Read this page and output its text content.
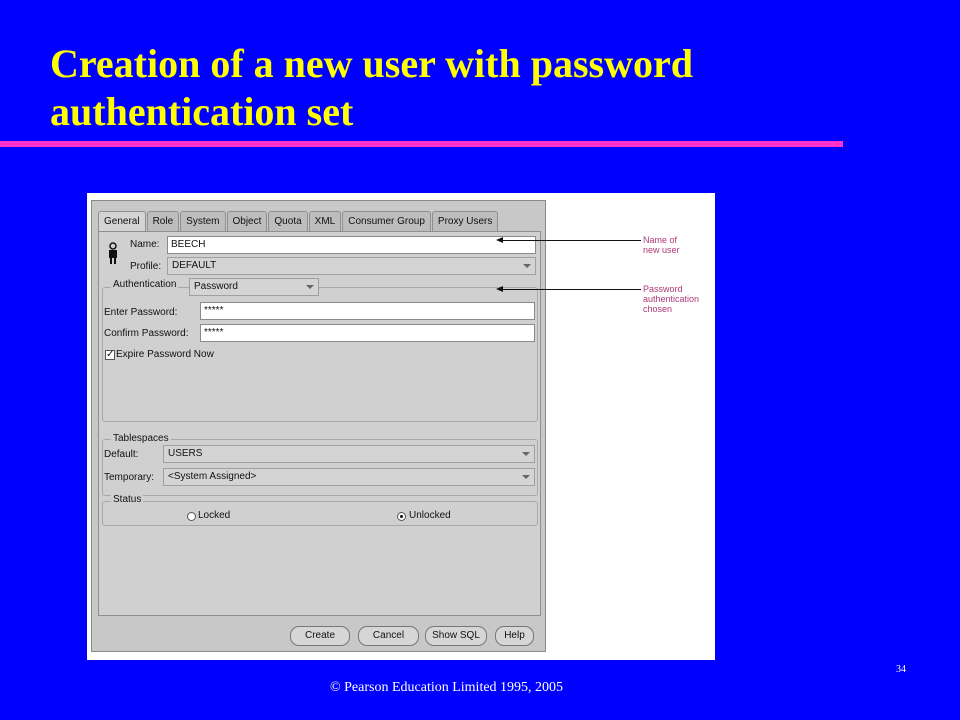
Creation of a new user with password authentication set
General	Role	System	Object	Quota	XML	Consumer Group	Proxy Users
Name:	BEECH
Profile:	DEFAULT
Authentication	Password
Enter Password:	*****
Confirm Password:	*****
✓ Expire Password Now
Tablespaces
Default:	USERS
Temporary:	<System Assigned>
Status
Locked	Unlocked
Create	Cancel	Show SQL	Help
Name of
new user
Password
authentication
chosen
34
© Pearson Education Limited 1995, 2005
